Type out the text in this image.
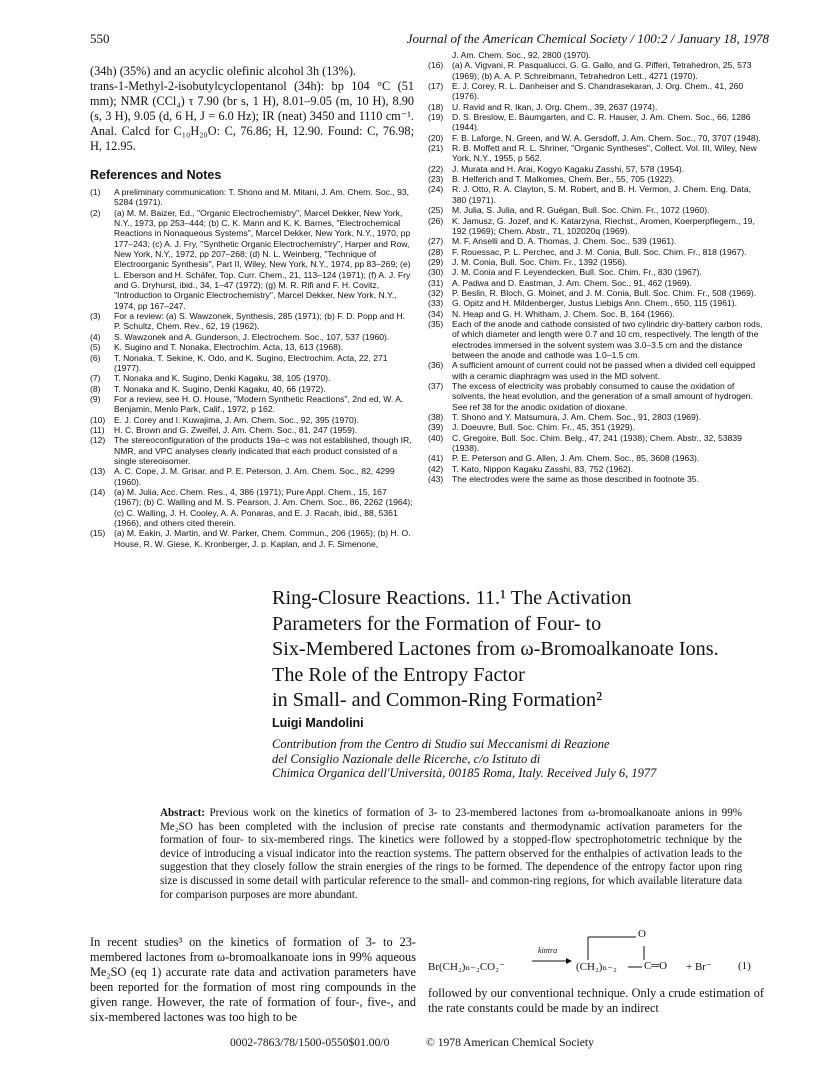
550	Journal of the American Chemical Society / 100:2 / January 18, 1978

(34h) (35%) and an acyclic olefinic alcohol 3h (13%).

trans-1-Methyl-2-isobutylcyclopentanol (34h): bp 104 °C (51 mm); NMR (CCl₄) τ 7.90 (br s, 1 H), 8.01–9.05 (m, 10 H), 8.90 (s, 3 H), 9.05 (d, 6 H, J = 6.0 Hz); IR (neat) 3450 and 1110 cm⁻¹. Anal. Calcd for C₁₀H₂₀O: C, 76.86; H, 12.90. Found: C, 76.98; H, 12.95.

References and Notes
(1)	A preliminary communication: T. Shono and M. Mitani, J. Am. Chem. Soc., 93, 5284 (1971).
(2)	(a) M. M. Baizer, Ed., "Organic Electrochemistry", Marcel Dekker, New York, N.Y., 1973, pp 253–444; (b) C. K. Mann and K. K. Barnes, "Electrochemical Reactions in Nonaqueous Systems", Marcel Dekker, New York, N.Y., 1970, pp 177–243; (c) A. J. Fry, "Synthetic Organic Electrochemistry", Harper and Row, New York, N.Y., 1972, pp 207–268; (d) N. L. Weinberg, "Technique of Electroorganic Synthesis", Part II, Wiley, New York, N.Y., 1974, pp 83–269; (e) L. Eberson and H. Schäfer, Top. Curr. Chem., 21, 113–124 (1971); (f) A. J. Fry and G. Dryhurst, ibid., 34, 1–47 (1972); (g) M. R. Rifi and F. H. Covitz, "Introduction to Organic Electrochemistry", Marcel Dekker, New York, N.Y., 1974, pp 167–247.
(3)	For a review: (a) S. Wawzonek, Synthesis, 285 (1971); (b) F. D. Popp and H. P. Schultz, Chem. Rev., 62, 19 (1962).
(4)	S. Wawzonek and A. Gunderson, J. Electrochem. Soc., 107, 537 (1960).
(5)	K. Sugino and T. Nonaka, Electrochim. Acta, 13, 613 (1968).
(6)	T. Nonaka, T. Sekine, K. Odo, and K. Sugino, Electrochim. Acta, 22, 271 (1977).
(7)	T. Nonaka and K. Sugino, Denki Kagaku, 38, 105 (1970).
(8)	T. Nonaka and K. Sugino, Denki Kagaku, 40, 66 (1972).
(9)	For a review, see H. O. House, "Modern Synthetic Reactions", 2nd ed, W. A. Benjamin, Menlo Park, Calif., 1972, p 162.
(10)	E. J. Corey and I. Kuwajima, J. Am. Chem. Soc., 92, 395 (1970).
(11)	H. C. Brown and G. Zweifel, J. Am. Chem. Soc., 81, 247 (1959).
(12)	The stereoconfiguration of the products 19a–c was not established, though IR, NMR, and VPC analyses clearly indicated that each product consisted of a single stereoisomer.
(13)	A. C. Cope, J. M. Grisar, and P. E. Peterson, J. Am. Chem. Soc., 82, 4299 (1960).
(14)	(a) M. Julia, Acc. Chem. Res., 4, 386 (1971); Pure Appl. Chem., 15, 167 (1967); (b) C. Walling and M. S. Pearson, J. Am. Chem. Soc., 86, 2262 (1964); (c) C. Walling, J. H. Cooley, A. A. Ponaras, and E. J. Racah, ibid., 88, 5361 (1966), and others cited therein.
(15)	(a) M. Eakin, J. Martin, and W. Parker, Chem. Commun., 206 (1965); (b) H. O. House, R. W. Giese, K. Kronberger, J. p. Kaplan, and J. F. Simenone,
J. Am. Chem. Soc., 92, 2800 (1970).
(16)	(a) A. Vigvani, R. Pasqualucci, G. G. Gallo, and G. Pifferi, Tetrahedron, 25, 573 (1969); (b) A. A. P. Schreibmann, Tetrahedron Lett., 4271 (1970).
(17)	E. J. Corey, R. L. Danheiser and S. Chandrasekaran, J. Org. Chem., 41, 260 (1976).
(18)	U. Ravid and R. Ikan, J. Org. Chem., 39, 2637 (1974).
(19)	D. S. Breslow, E. Baumgarten, and C. R. Hauser, J. Am. Chem. Soc., 66, 1286 (1944).
(20)	F. B. Laforge, N. Green, and W. A. Gersdoff, J. Am. Chem. Soc., 70, 3707 (1948).
(21)	R. B. Moffett and R. L. Shriner, "Organic Syntheses", Collect. Vol. III, Wiley, New York, N.Y., 1955, p 562.
(22)	J. Murata and H. Arai, Kogyo Kagaku Zasshi, 57, 578 (1954).
(23)	B. Helferich and T. Malkomes, Chem. Ber., 55, 705 (1922).
(24)	R. J. Otto, R. A. Clayton, S. M. Robert, and B. H. Vermon, J. Chem. Eng. Data, 380 (1971).
(25)	M. Julia, S. Julia, and R. Guégan, Bull. Soc. Chim. Fr., 1072 (1960).
(26)	K. Jamusz, G. Jozef, and K. Katarzyna, Riechst., Aromen, Koerperpflegem., 19, 192 (1969); Chem. Abstr., 71, 102020q (1969).
(27)	M. F. Anselli and D. A. Thomas, J. Chem. Soc., 539 (1961).
(28)	F. Rouessac, P. L. Perchec, and J. M. Conia, Bull. Soc. Chim. Fr., 818 (1967).
(29)	J. M. Conia, Bull. Soc. Chim. Fr., 1392 (1956).
(30)	J. M. Conia and F. Leyendecken, Bull. Soc. Chim. Fr., 830 (1967).
(31)	A. Padwa and D. Eastman, J. Am. Chem. Soc., 91, 462 (1969).
(32)	P. Beslin, R. Bloch, G. Moinet, and J. M. Conia, Bull. Soc. Chim. Fr., 508 (1969).
(33)	G. Opitz and H. Mildenberger, Justus Liebigs Ann. Chem., 650, 115 (1961).
(34)	N. Heap and G. H. Whitham, J. Chem. Soc. B, 164 (1966).
(35)	Each of the anode and cathode consisted of two cylindric dry-battery carbon rods, of which diameter and length were 0.7 and 10 cm, respectively. The length of the electrodes immersed in the solvent system was 3.0–3.5 cm and the distance between the anode and cathode was 1.0–1.5 cm.
(36)	A sufficient amount of current could not be passed when a divided cell equipped with a ceramic diaphragm was used in the MD solvent.
(37)	The excess of electricity was probably consumed to cause the oxidation of solvents, the heat evolution, and the generation of a small amount of hydrogen. See ref 38 for the anodic oxidation of dioxane.
(38)	T. Shono and Y. Matsumura, J. Am. Chem. Soc., 91, 2803 (1969).
(39)	J. Doeuvre, Bull. Soc. Chim. Fr., 45, 351 (1929).
(40)	C. Gregoire, Bull. Soc. Chim. Belg., 47, 241 (1938); Chem. Abstr., 32, 53839 (1938).
(41)	P. E. Peterson and G. Allen, J. Am. Chem. Soc., 85, 3608 (1963).
(42)	T. Kato, Nippon Kagaku Zasshi, 83, 752 (1962).
(43)	The electrodes were the same as those described in footnote 35.
Ring-Closure Reactions. 11.¹ The Activation
Parameters for the Formation of Four- to
Six-Membered Lactones from ω-Bromoalkanoate Ions.
The Role of the Entropy Factor
in Small- and Common-Ring Formation²
Luigi Mandolini
Contribution from the Centro di Studio sui Meccanismi di Reazione
del Consiglio Nazionale delle Ricerche, c/o Istituto di
Chimica Organica dell'Università, 00185 Roma, Italy. Received July 6, 1977
Abstract: Previous work on the kinetics of formation of 3- to 23-membered lactones from ω-bromoalkanoate anions in 99% Me₂SO has been completed with the inclusion of precise rate constants and thermodynamic activation parameters for the formation of four- to six-membered rings. The kinetics were followed by a stopped-flow spectrophotometric technique by the device of introducing a visual indicator into the reaction systems. The pattern observed for the enthalpies of activation leads to the suggestion that they closely follow the strain energies of the rings to be formed. The dependence of the entropy factor upon ring size is discussed in some detail with particular reference to the small- and common-ring regions, for which available literature data for comparison purposes are more abundant.
In recent studies³ on the kinetics of formation of 3- to 23-membered lactones from ω-bromoalkanoate ions in 99% aqueous Me₂SO (eq 1) accurate rate data and activation parameters have been reported for the formation of most ring compounds in the given range. However, the rate of formation of four-, five-, and six-membered lactones was too high to be
Br(CH₂)ₙ₋₂CO₂⁻
kintra
→ (CH₂)ₙ₋₂ C═O
O
+ Br⁻ (1)
followed by our conventional technique. Only a crude estimation of the rate constants could be made by an indirect
0002-7863/78/1500-0550$01.00/0	© 1978 American Chemical Society
